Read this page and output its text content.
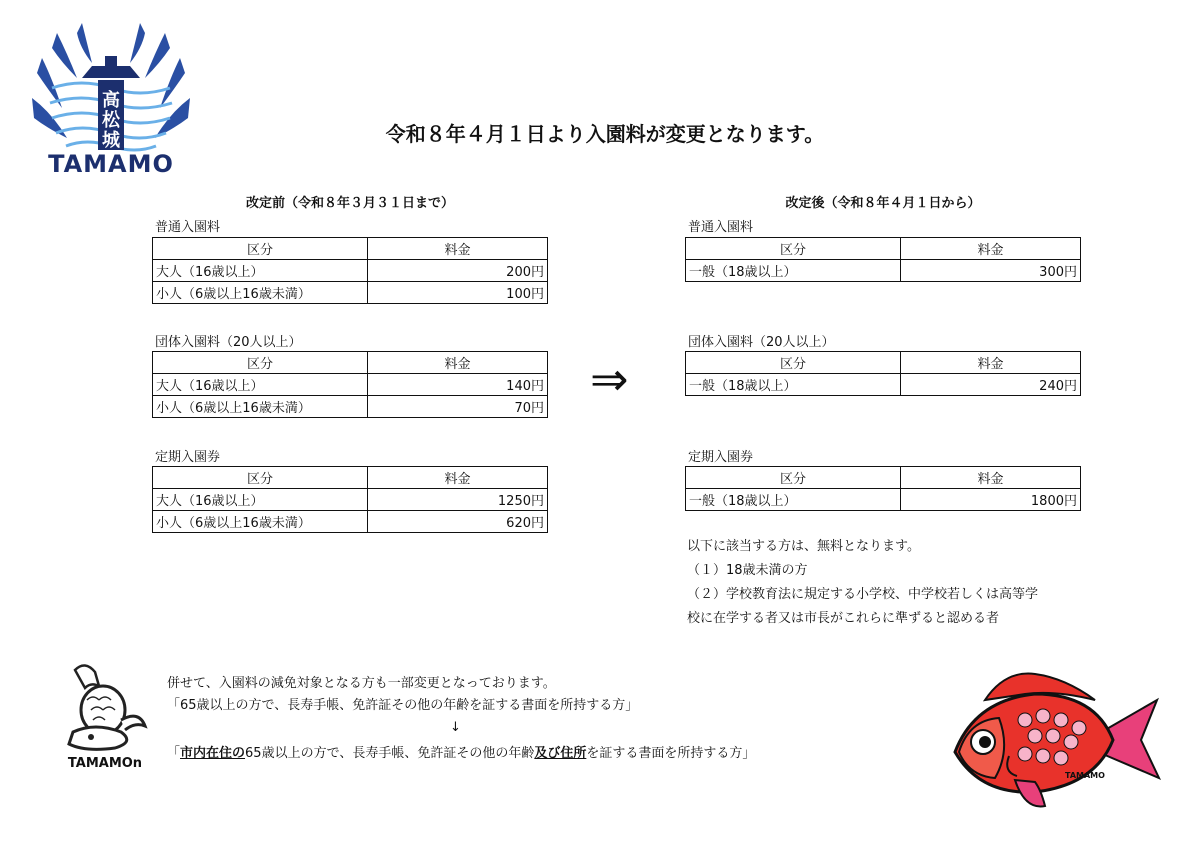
高
松
城
TAMAMO
令和８年４月１日より入園料が変更となります。
改定前（令和８年３月３１日まで）
普通入園料
区分	料金
大人（16歳以上）	200円
小人（6歳以上16歳未満）	100円
団体入園料（20人以上）
区分	料金
大人（16歳以上）	140円
小人（6歳以上16歳未満）	70円
定期入園券
区分	料金
大人（16歳以上）	1250円
小人（6歳以上16歳未満）	620円
⇒
改定後（令和８年４月１日から）
普通入園料
区分	料金
一般（18歳以上）	300円
団体入園料（20人以上）
区分	料金
一般（18歳以上）	240円
定期入園券
区分	料金
一般（18歳以上）	1800円
以下に該当する方は、無料となります。
（１）18歳未満の方
（２）学校教育法に規定する小学校、中学校若しくは高等学
校に在学する者又は市長がこれらに準ずると認める者
TAMAMOn
併せて、入園料の減免対象となる方も一部変更となっております。
「65歳以上の方で、長寿手帳、免許証その他の年齢を証する書面を所持する方」
↓
「市内在住の65歳以上の方で、長寿手帳、免許証その他の年齢及び住所を証する書面を所持する方」
TAMAMO
